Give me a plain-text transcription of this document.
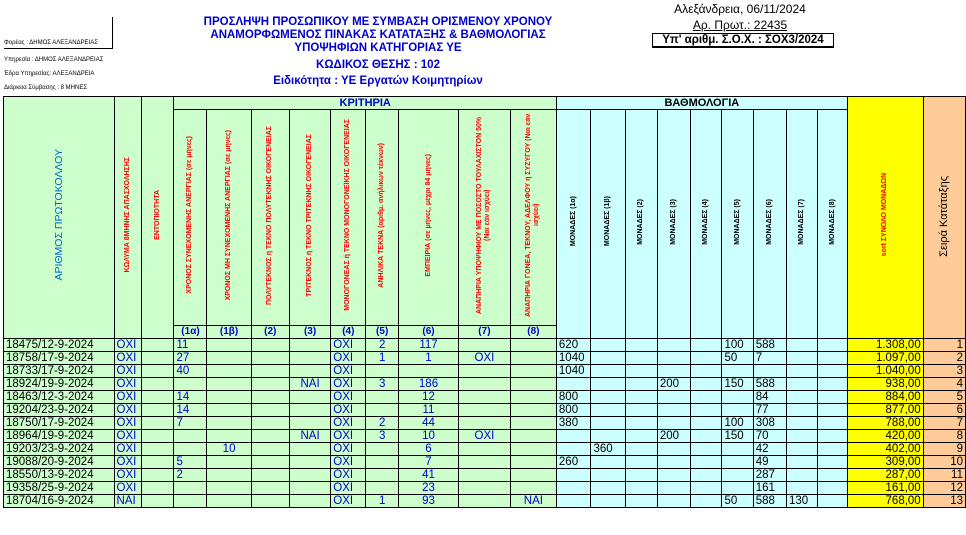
Φορέας : ΔΗΜΟΣ ΑΛΕΞΑΝΔΡΕΙΑΣ
Υπηρεσία : ΔΗΜΟΣ ΑΛΕΞΑΝΔΡΕΙΑΣ
Έδρα Υπηρεσίας: ΑΛΕΞΑΝΔΡΕΙΑ
Διάρκεια Σύμβασης : 8 ΜΗΝΕΣ
ΠΡΟΣΛΗΨΗ ΠΡΟΣΩΠΙΚΟΥ ΜΕ ΣΥΜΒΑΣΗ ΟΡΙΣΜΕΝΟΥ ΧΡΟΝΟΥ
ΑΝΑΜΟΡΦΩΜΕΝΟΣ ΠΙΝΑΚΑΣ ΚΑΤΑΤΑΞΗΣ & ΒΑΘΜΟΛΟΓΙΑΣ
ΥΠΟΨΗΦΙΩΝ ΚΑΤΗΓΟΡΙΑΣ ΥΕ
ΚΩΔΙΚΟΣ ΘΕΣΗΣ : 102
Ειδικότητα : ΥΕ Εργατών Κοιμητηρίων
Αλεξάνδρεια, 06/11/2024
Αρ. Πρωτ.: 22435
Υπ' αριθμ. Σ.Ο.Χ. : ΣΟΧ3/2024
ΑΡΙΘΜΟΣ ΠΡΩΤΟΚΟΛΛΟΥ	ΚΩΛΥΜΑ 8ΜΗΝΗΣ ΑΠΑΣΧΟΛΗΣΗΣ	ΕΝΤΟΠΙΟΤΗΤΑ	ΚΡΙΤΗΡΙΑ									ΒΑΘΜΟΛΟΓΙΑ									sort ΣΥΝΟΛΟ ΜΟΝΑΔΩΝ	Σειρά Κατάταξης
			ΧΡΟΝΟΣ ΣΥΝΕΧΟΜΕΝΗΣ ΑΝΕΡΓΙΑΣ (σε μήνες)	ΧΡΟΝΟΣ ΜΗ ΣΥΝΕΧΟΜΕΝΗΣ ΑΝΕΡΓΙΑΣ (σε μήνες)	ΠΟΛΥΤΕΚΝΟΣ ή ΤΕΚΝΟ ΠΟΛΥΤΕΚΝΗΣ ΟΙΚΟΓΕΝΕΙΑΣ	ΤΡΙΤΕΚΝΟΣ ή ΤΕΚΝΟ ΤΡΙΤΕΚΝΗΣ ΟΙΚΟΓΕΝΕΙΑΣ	ΜΟΝΟΓΟΝΕΑΣ ή ΤΕΚΝΟ ΜΟΝΟΓΟΝΕΪΚΗΣ ΟΙΚΟΓΕΝΕΙΑΣ	ΑΝΗΛΙΚΑ ΤΕΚΝΑ (αριθμ. ανήλικων τέκνων)	ΕΜΠΕΙΡΙΑ (σε μήνες, μέχρι 84 μήνες)	ΑΝΑΠΗΡΙΑ ΥΠΟΨΗΦΙΟΥ ΜΕ ΠΟΣΟΣΤΟ ΤΟΥΛΑΧΙΣΤΟΝ 50% (Ναι εάν ισχύει)	ΑΝΑΠΗΡΙΑ ΓΟΝΕΑ, ΤΕΚΝΟΥ, ΑΔΕΛΦΟΥ ή ΣΥΖΥΓΟΥ (Ναι εάν ισχύει)	ΜΟΝΑΔΕΣ (1α)	ΜΟΝΑΔΕΣ (1β)	ΜΟΝΑΔΕΣ (2)	ΜΟΝΑΔΕΣ (3)	ΜΟΝΑΔΕΣ (4)	ΜΟΝΑΔΕΣ (5)	ΜΟΝΑΔΕΣ (6)	ΜΟΝΑΔΕΣ (7)	ΜΟΝΑΔΕΣ (8)		
			(1α)	(1β)	(2)	(3)	(4)	(5)	(6)	(7)	(8)											
18475/12-9-2024	ΟΧΙ		11				ΟΧΙ	2	117			620					100	588			1.308,00	1
18758/17-9-2024	ΟΧΙ		27				ΟΧΙ	1	1	ΟΧΙ		1040					50	7			1.097,00	2
18733/17-9-2024	ΟΧΙ		40				ΟΧΙ					1040									1.040,00	3
18924/19-9-2024	ΟΧΙ					ΝΑΙ	ΟΧΙ	3	186						200		150	588			938,00	4
18463/12-3-2024	ΟΧΙ		14				ΟΧΙ		12			800						84			884,00	5
19204/23-9-2024	ΟΧΙ		14				ΟΧΙ		11			800						77			877,00	6
18750/17-9-2024	ΟΧΙ		7				ΟΧΙ	2	44			380					100	308			788,00	7
18964/19-9-2024	ΟΧΙ					ΝΑΙ	ΟΧΙ	3	10	ΟΧΙ					200		150	70			420,00	8
19203/23-9-2024	ΟΧΙ			10			ΟΧΙ		6				360					42			402,00	9
19088/20-9-2024	ΟΧΙ		5				ΟΧΙ		7			260						49			309,00	10
18550/13-9-2024	ΟΧΙ		2				ΟΧΙ		41									287			287,00	11
19358/25-9-2024	ΟΧΙ						ΟΧΙ		23									161			161,00	12
18704/16-9-2024	ΝΑΙ						ΟΧΙ	1	93		ΝΑΙ						50	588	130		768,00	13
